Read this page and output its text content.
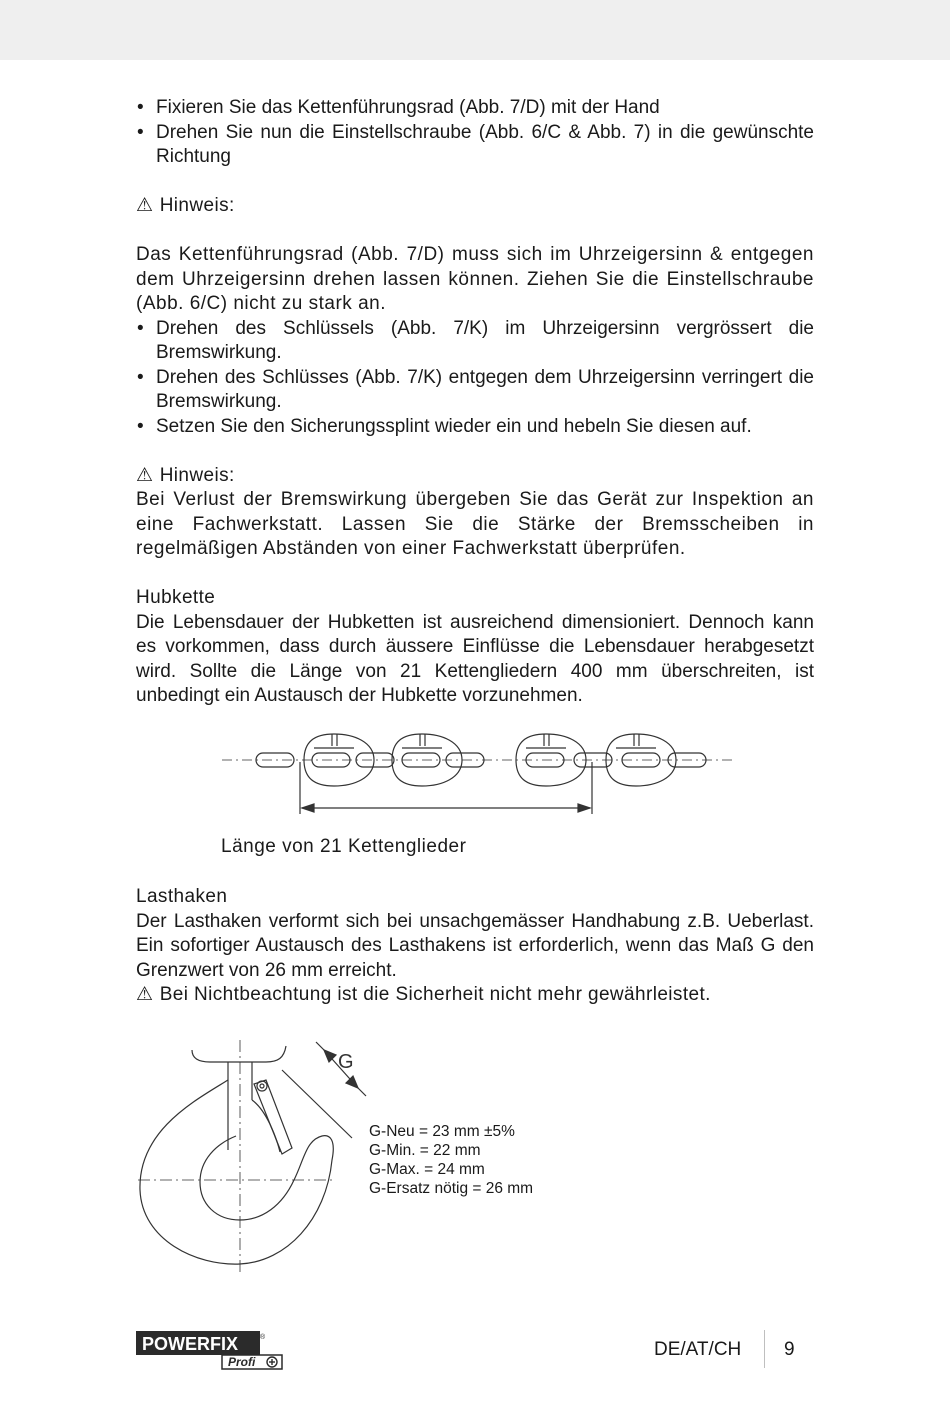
• Fixieren Sie das Kettenführungsrad (Abb. 7/D) mit der Hand

• Drehen Sie nun die Einstellschraube (Abb. 6/C & Abb. 7) in die gewünschte Richtung

⚠ Hinweis:

Das Kettenführungsrad (Abb. 7/D) muss sich im Uhrzeigersinn & entgegen dem Uhrzeigersinn drehen lassen können. Ziehen Sie die Einstellschraube (Abb. 6/C) nicht zu stark an.

• Drehen des Schlüssels (Abb. 7/K) im Uhrzeigersinn vergrössert die Bremswirkung.

• Drehen des Schlüsses (Abb. 7/K) entgegen dem Uhrzeigersinn verringert die Bremswirkung.

• Setzen Sie den Sicherungssplint wieder ein und hebeln Sie diesen auf.

⚠ Hinweis:

Bei Verlust der Bremswirkung übergeben Sie das Gerät zur Inspektion an eine Fachwerkstatt. Lassen Sie die Stärke der Bremsscheiben in regelmäßigen Abständen von einer Fachwerkstatt überprüfen.

Hubkette

Die Lebensdauer der Hubketten ist ausreichend dimensioniert. Dennoch kann es vorkommen, dass durch äussere Einflüsse die Lebensdauer herabgesetzt wird. Sollte die Länge von 21 Kettengliedern 400 mm überschreiten, ist unbedingt ein Austausch der Hubkette vorzunehmen.

Länge von 21 Kettenglieder

Lasthaken

Der Lasthaken verformt sich bei unsachgemässer Handhabung z.B. Ueberlast. Ein sofortiger Austausch des Lasthakens ist erforderlich, wenn das Maß G den Grenzwert von 26 mm erreicht.

⚠ Bei Nichtbeachtung ist die Sicherheit nicht mehr gewährleistet.

G
G-Neu = 23 mm ±5%
G-Min. = 22 mm
G-Max. = 24 mm
G-Ersatz nötig = 26 mm
POWERFIX	®
Profi
DE/AT/CH 9
